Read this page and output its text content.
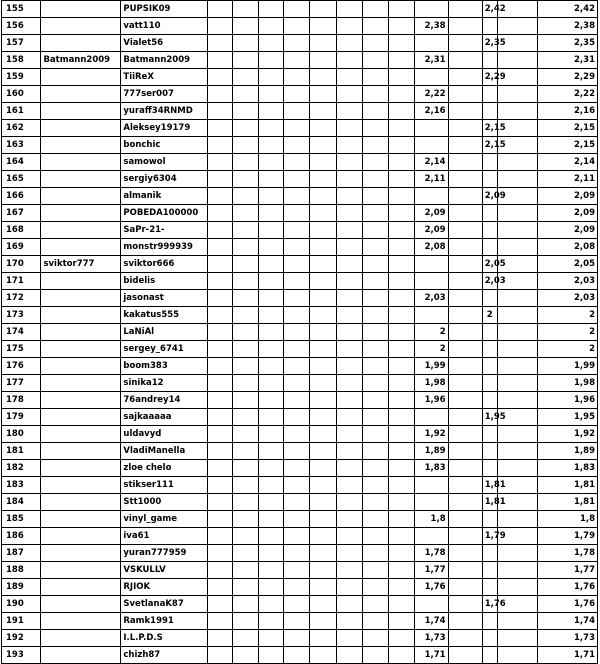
155		PUPSIK09											2,42		2,42
156		vatt110									2,38				2,38
157		Vialet56											2,35		2,35
158	Batmann2009	Batmann2009									2,31				2,31
159		TiiReX											2,29		2,29
160		777ser007									2,22				2,22
161		yuraff34RNMD									2,16				2,16
162		Aleksey19179											2,15		2,15
163		bonchic											2,15		2,15
164		samowol									2,14				2,14
165		sergiy6304									2,11				2,11
166		almanik											2,09		2,09
167		POBEDA100000									2,09				2,09
168		SaPr-21-									2,09				2,09
169		monstr999939									2,08				2,08
170	sviktor777	sviktor666											2,05		2,05
171		bidelis											2,03		2,03
172		jasonast									2,03				2,03
173		kakatus555											2		2
174		LaNiAl									2				2
175		sergey_6741									2				2
176		boom383									1,99				1,99
177		sinika12									1,98				1,98
178		76andrey14									1,96				1,96
179		sajkaaaaa											1,95		1,95
180		uldavyd									1,92				1,92
181		VladiManella									1,89				1,89
182		zloe chelo									1,83				1,83
183		stikser111											1,81		1,81
184		Stt1000											1,81		1,81
185		vinyl_game									1,8				1,8
186		iva61											1,79		1,79
187		yuran777959									1,78				1,78
188		VSKULLV									1,77				1,77
189		RJIOK									1,76				1,76
190		SvetlanaK87											1,76		1,76
191		Ramk1991									1,74				1,74
192		I.L.P.D.S									1,73				1,73
193		chizh87									1,71				1,71
